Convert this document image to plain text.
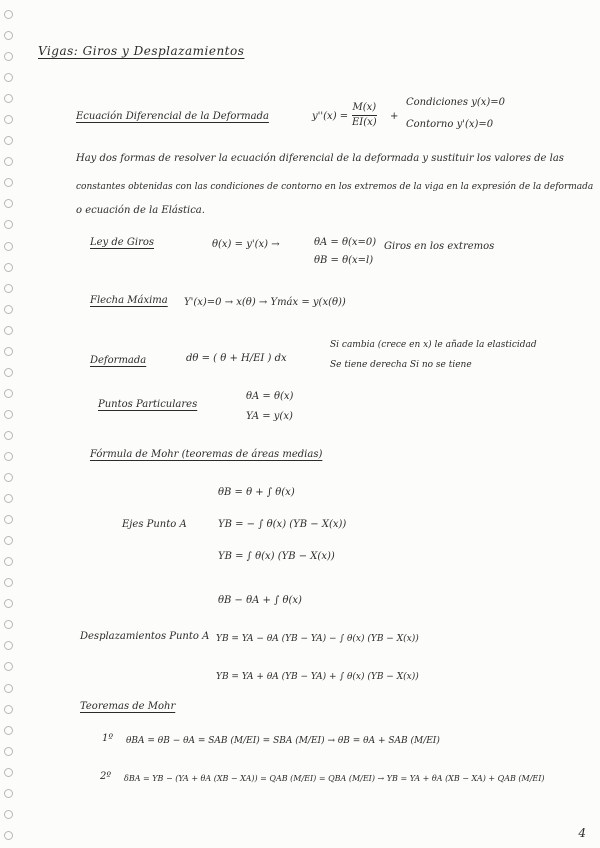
Vigas: Giros y Desplazamientos
Ecuación Diferencial de la Deformada	y''(x) =
M(x)
EI(x)
+
Condiciones y(x)=0
Contorno y'(x)=0
Hay dos formas de resolver la ecuación diferencial de la deformada y sustituir los valores de las
constantes obtenidas con las condiciones de contorno en los extremos de la viga en la expresión de la deformada
o ecuación de la Elástica.
Ley de Giros	θ(x) = y'(x) →	θA = θ(x=0)
θB = θ(x=l)
Giros en los extremos
Flecha Máxima Y'(x)=0 → x(θ) → Ymáx = y(x(θ))
Deformada	dθ = ( θ + H/EI ) dx
Si cambia (crece en x) le añade la elasticidad
Se tiene derecha Si no se tiene
Puntos Particulares
θA = θ(x)
YA = y(x)
Fórmula de Mohr (teoremas de áreas medias)
Ejes Punto A
θB = θ + ∫ θ(x)
YB = − ∫ θ(x) (YB − X(x))
YB = ∫ θ(x) (YB − X(x))
θB − θA + ∫ θ(x)
Desplazamientos Punto A YB = YA − θA (YB − YA) − ∫ θ(x) (YB − X(x))
YB = YA + θA (YB − YA) + ∫ θ(x) (YB − X(x))
Teoremas de Mohr
1º θBA = θB − θA = SAB (M/EI) = SBA (M/EI) → θB = θA + SAB (M/EI)
2º δBA = YB − (YA + θA (XB − XA)) = QAB (M/EI) = QBA (M/EI) → YB = YA + θA (XB − XA) + QAB (M/EI)
4
